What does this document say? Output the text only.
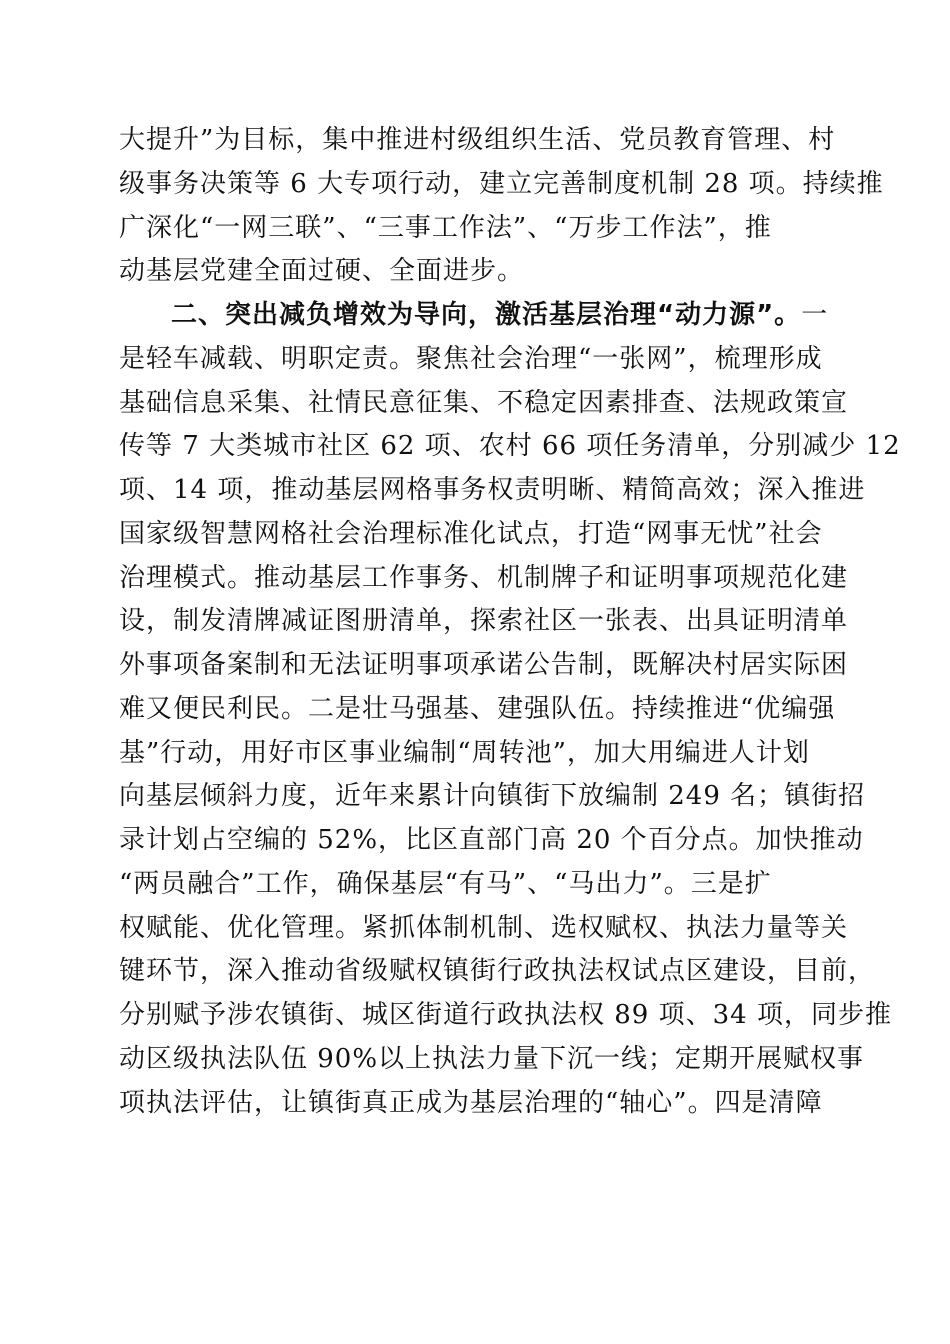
大提升”为目标，集中推进村级组织生活、党员教育管理、村
级事务决策等 6 大专项行动，建立完善制度机制 28 项。持续推
广深化“一网三联”、“三事工作法”、“万步工作法”，推
动基层党建全面过硬、全面进步。
二、突出减负增效为导向，激活基层治理“动力源”。一
是轻车减载、明职定责。聚焦社会治理“一张网”，梳理形成
基础信息采集、社情民意征集、不稳定因素排查、法规政策宣
传等 7 大类城市社区 62 项、农村 66 项任务清单，分别减少 12
项、14 项，推动基层网格事务权责明晰、精简高效；深入推进
国家级智慧网格社会治理标准化试点，打造“网事无忧”社会
治理模式。推动基层工作事务、机制牌子和证明事项规范化建
设，制发清牌减证图册清单，探索社区一张表、出具证明清单
外事项备案制和无法证明事项承诺公告制，既解决村居实际困
难又便民利民。二是壮马强基、建强队伍。持续推进“优编强
基”行动，用好市区事业编制“周转池”，加大用编进人计划
向基层倾斜力度，近年来累计向镇街下放编制 249 名；镇街招
录计划占空编的 52%，比区直部门高 20 个百分点。加快推动
“两员融合”工作，确保基层“有马”、“马出力”。三是扩
权赋能、优化管理。紧抓体制机制、选权赋权、执法力量等关
键环节，深入推动省级赋权镇街行政执法权试点区建设，目前，
分别赋予涉农镇街、城区街道行政执法权 89 项、34 项，同步推
动区级执法队伍 90%以上执法力量下沉一线；定期开展赋权事
项执法评估，让镇街真正成为基层治理的“轴心”。四是清障
